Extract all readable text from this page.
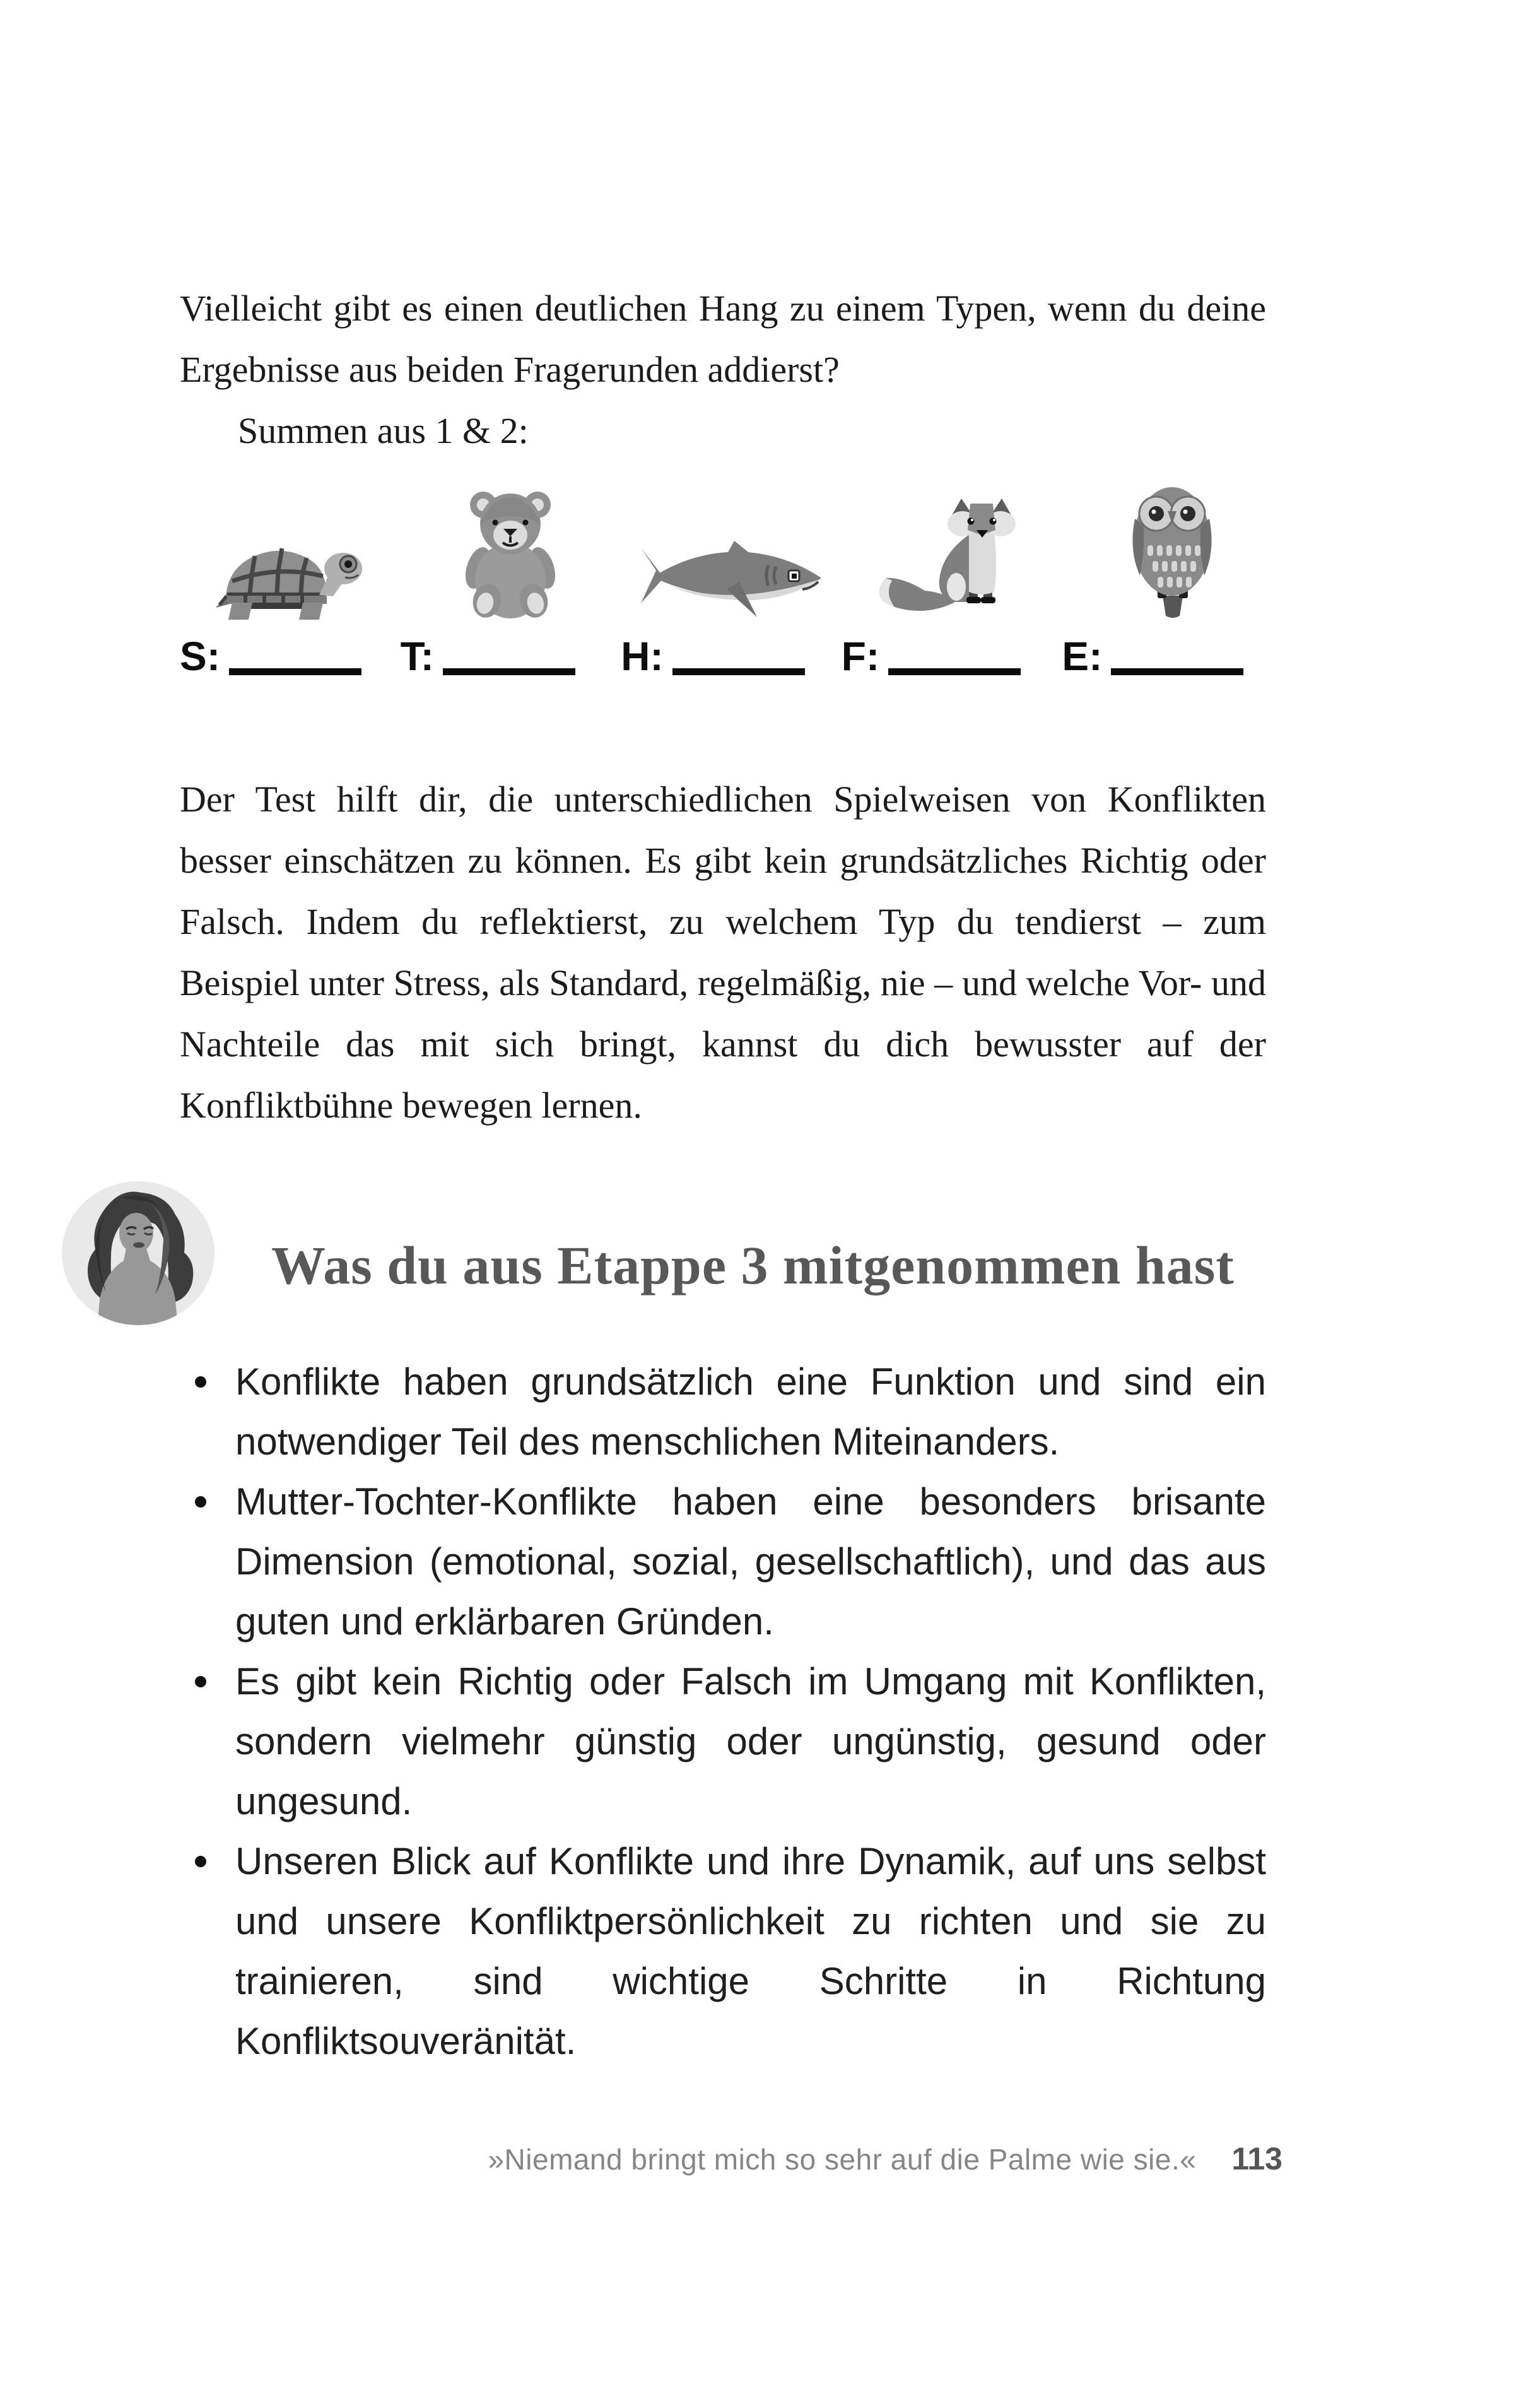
Vielleicht gibt es einen deutlichen Hang zu einem Typen, wenn du deine Ergebnisse aus beiden Fragerunden addierst?
Summen aus 1 & 2:
S:	T:	H:	F:	E:
Der Test hilft dir, die unterschiedlichen Spielweisen von Konflikten besser einschätzen zu können. Es gibt kein grundsätzliches Richtig oder Falsch. Indem du reflektierst, zu welchem Typ du tendierst – zum Beispiel unter Stress, als Standard, regelmäßig, nie – und welche Vor- und Nachteile das mit sich bringt, kannst du dich bewusster auf der Konfliktbühne bewegen lernen.
Was du aus Etappe 3 mitgenommen hast
Konflikte haben grundsätzlich eine Funktion und sind ein notwendiger Teil des menschlichen Miteinanders.
Mutter-Tochter-Konflikte haben eine besonders brisante Dimension (emotional, sozial, gesellschaftlich), und das aus guten und erklärbaren Gründen.
Es gibt kein Richtig oder Falsch im Umgang mit Konflikten, sondern vielmehr günstig oder ungünstig, gesund oder ungesund.
Unseren Blick auf Konflikte und ihre Dynamik, auf uns selbst und unsere Konfliktpersönlichkeit zu richten und sie zu trainieren, sind wichtige Schritte in Richtung Konfliktsouveränität.
»Niemand bringt mich so sehr auf die Palme wie sie.« 113
